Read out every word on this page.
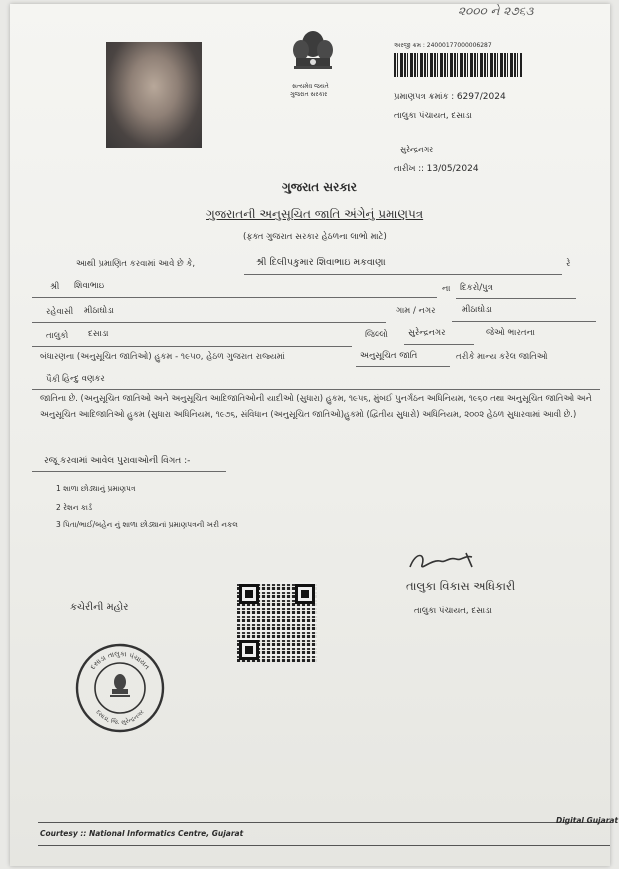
૨૦૦૦ ને ૨૭૬૩
સત્યમેવ જયતે
ગુજરાત સરકાર
અરજી ક્રમ : 24000177000006287
પ્રમાણપત્ર ક્રમાંક : 6297/2024
તાલુકા પંચાયત, દસાડા
સુરેન્દ્રનગર
તારીખ :: 13/05/2024
ગુજરાત સરકાર
ગુજરાતની અનુસૂચિત જાતિ અંગેનું પ્રમાણપત્ર
(ફક્ત ગુજરાત સરકાર હેઠળના લાભો માટે)
આથી પ્રમાણિત કરવામાં આવે છે કે,	શ્રી દિલીપકુમાર શિવાભાઇ મકવાણા	રે
શ્રી શિવાભાઇ	ના દિકરો/પુત્ર
રહેવાસી મીઠાઘોડા	ગામ / નગર	મીઠાઘોડા
તાલુકો દસાડા	જિલ્લો સુરેન્દ્રનગર	જેઓ ભારતના
બંધારણના (અનુસૂચિત જાતિઓ) હુકમ - ૧૯૫૦, હેઠળ ગુજરાત રાજ્યમાં	અનુસૂચિત જાતિ	તરીકે માન્ય કરેલ જાતિઓ
પૈકી હિન્દુ વણકર
જાતિના છે. (અનુસૂચિત જાતિઓ અને અનુસૂચિત આદિજાતિઓની યાદીઓ (સુધારા) હુકમ, ૧૯૫૬, મુંબઈ પુનર્ગઠન અધિનિયમ, ૧૯૬૦ તથા અનુસૂચિત જાતિઓ અને અનુસૂચિત આદિજાતિઓ હુકમ (સુધારા અધિનિયમ, ૧૯૭૬, સંવિધાન (અનુસૂચિત જાતિઓ)હુકમો (દ્વિતીય સુધારો) અધિનિયમ, ૨૦૦૨ હેઠળ સુધારવામાં આવી છે.)
રજૂ કરવામાં આવેલ પુરાવાઓની વિગત :-
1 શાળા છોડ્યાનું પ્રમાણપત્ર
2 રેશન કાર્ડ
3 પિતા/ભાઈ/બહેન નું શાળા છોડ્યાનાં પ્રમાણપત્રની ખરી નકલ
તાલુકા વિકાસ અધિકારી
તાલુકા પંચાયત, દસાડા
કચેરીની મહોર
દસાડા તાલુકા પંચાયત
દસાડા, જિ. સુરેન્દ્રનગર
Courtesy :: National Informatics Centre, Gujarat
Digital Gujarat
